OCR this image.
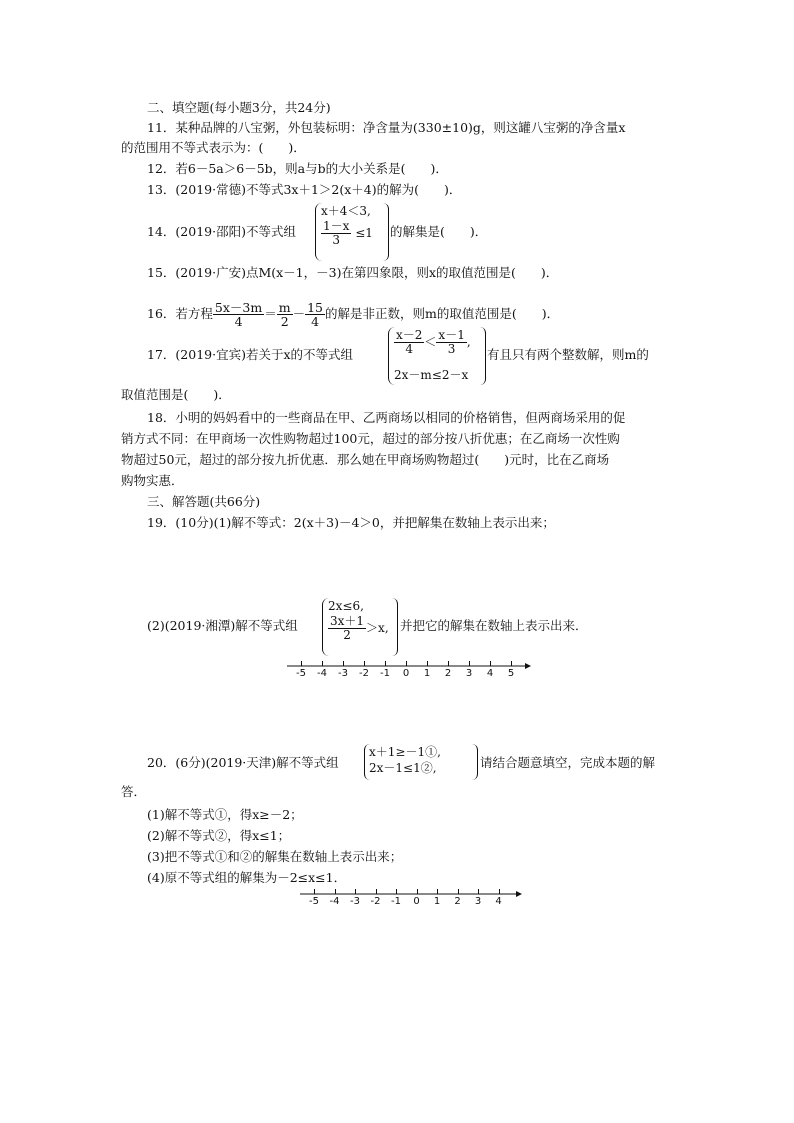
二、填空题(每小题3分，共24分)
11．某种品牌的八宝粥，外包装标明：净含量为(330±10)g，则这罐八宝粥的净含量x
的范围用不等式表示为：(　　)．
12．若6－5a＞6－5b，则a与b的大小关系是(　　)．
13．(2019·常德)不等式3x＋1＞2(x＋4)的解为(　　)．
14．(2019·邵阳)不等式组
x＋4＜3,
$\frac{1-x}{3} \le 1$ 的解集是(　　)．
15．(2019·广安)点M(x－1，－3)在第四象限，则x的取值范围是(　　)．
16．若方程 $\frac{5x-3m}{4} = \frac{m}{2} - \frac{15}{4}$ 的解是非正数，则m的取值范围是(　　)．
17．(2019·宜宾)若关于x的不等式组	$\frac{x-2}{4} < \frac{x-1}{3}$ ,
2x－m≤2－x
有且只有两个整数解，则m的
取值范围是(　　)．
18．小明的妈妈看中的一些商品在甲、乙两商场以相同的价格销售，但两商场采用的促
销方式不同：在甲商场一次性购物超过100元，超过的部分按八折优惠；在乙商场一次性购
物超过50元，超过的部分按九折优惠．那么她在甲商场购物超过(　　)元时，比在乙商场
购物实惠．
三、解答题(共66分)
19．(10分)(1)解不等式：2(x＋3)－4＞0，并把解集在数轴上表示出来；
(2)(2019·湘潭)解不等式组
2x≤6,
$\frac{3x+1}{2} >x$, 并把它的解集在数轴上表示出来．
-5 -4 -3 -2 -1 0 1 2 3 4 5
20．(6分)(2019·天津)解不等式组
x＋1≥－1①,
2x－1≤1②,	请结合题意填空，完成本题的解
答．
(1)解不等式①，得x≥－2；
(2)解不等式②，得x≤1；
(3)把不等式①和②的解集在数轴上表示出来；
(4)原不等式组的解集为－2≤x≤1．
-5 -4 -3 -2 -1 0 1 2 3 4
